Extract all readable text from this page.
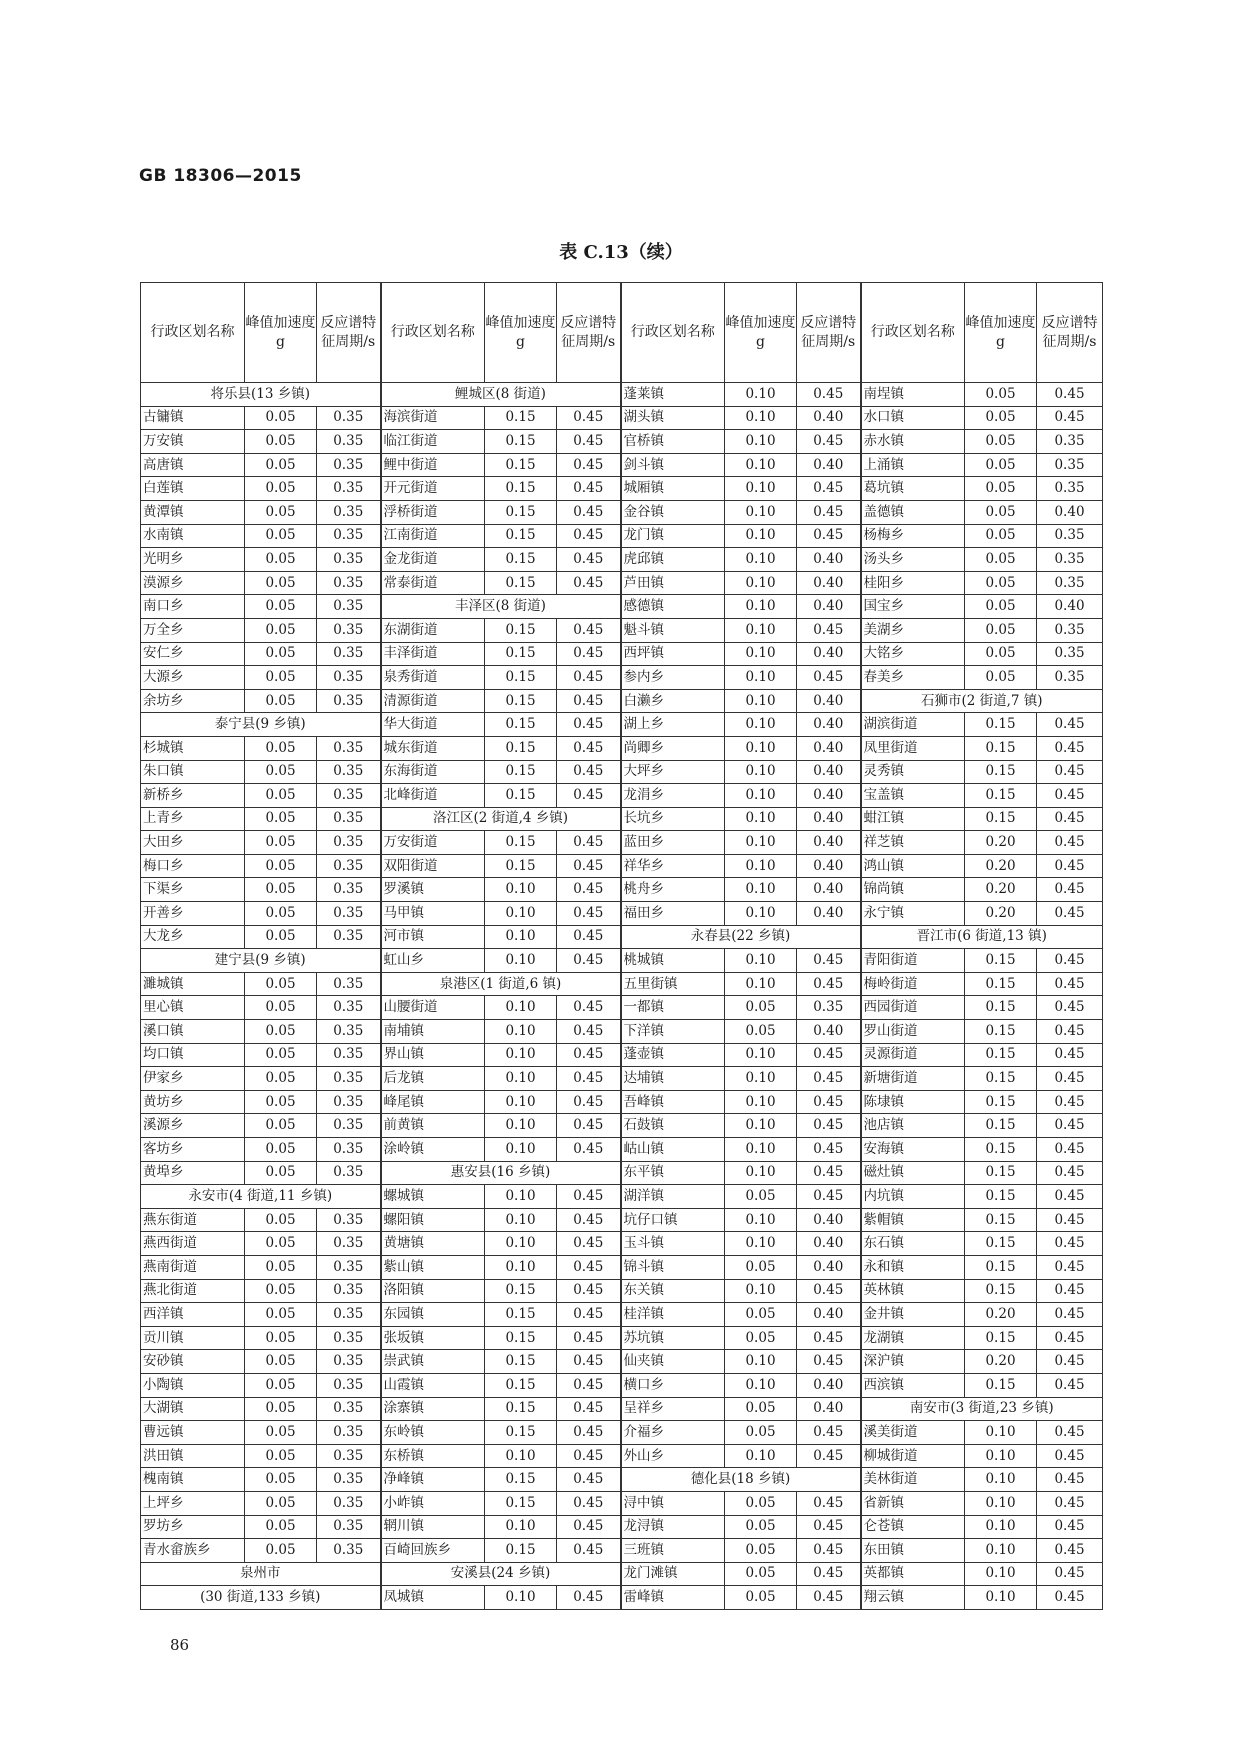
GB 18306—2015
表 C.13（续）
行政区划名称	峰值加速度g	反应谱特征周期/s	行政区划名称	峰值加速度g	反应谱特征周期/s	行政区划名称	峰值加速度g	反应谱特征周期/s	行政区划名称	峰值加速度g	反应谱特征周期/s
将乐县(13 乡镇)			鲤城区(8 街道)			蓬莱镇	0.10	0.45	南埕镇	0.05	0.45
古镛镇	0.05	0.35	海滨街道	0.15	0.45	湖头镇	0.10	0.40	水口镇	0.05	0.45
万安镇	0.05	0.35	临江街道	0.15	0.45	官桥镇	0.10	0.45	赤水镇	0.05	0.35
高唐镇	0.05	0.35	鲤中街道	0.15	0.45	剑斗镇	0.10	0.40	上涌镇	0.05	0.35
白莲镇	0.05	0.35	开元街道	0.15	0.45	城厢镇	0.10	0.45	葛坑镇	0.05	0.35
黄潭镇	0.05	0.35	浮桥街道	0.15	0.45	金谷镇	0.10	0.45	盖德镇	0.05	0.40
水南镇	0.05	0.35	江南街道	0.15	0.45	龙门镇	0.10	0.45	杨梅乡	0.05	0.35
光明乡	0.05	0.35	金龙街道	0.15	0.45	虎邱镇	0.10	0.40	汤头乡	0.05	0.35
漠源乡	0.05	0.35	常泰街道	0.15	0.45	芦田镇	0.10	0.40	桂阳乡	0.05	0.35
南口乡	0.05	0.35	丰泽区(8 街道)			感德镇	0.10	0.40	国宝乡	0.05	0.40
万全乡	0.05	0.35	东湖街道	0.15	0.45	魁斗镇	0.10	0.45	美湖乡	0.05	0.35
安仁乡	0.05	0.35	丰泽街道	0.15	0.45	西坪镇	0.10	0.40	大铭乡	0.05	0.35
大源乡	0.05	0.35	泉秀街道	0.15	0.45	参内乡	0.10	0.45	春美乡	0.05	0.35
余坊乡	0.05	0.35	清源街道	0.15	0.45	白濑乡	0.10	0.40	石狮市(2 街道,7 镇)		
泰宁县(9 乡镇)			华大街道	0.15	0.45	湖上乡	0.10	0.40	湖滨街道	0.15	0.45
杉城镇	0.05	0.35	城东街道	0.15	0.45	尚卿乡	0.10	0.40	凤里街道	0.15	0.45
朱口镇	0.05	0.35	东海街道	0.15	0.45	大坪乡	0.10	0.40	灵秀镇	0.15	0.45
新桥乡	0.05	0.35	北峰街道	0.15	0.45	龙涓乡	0.10	0.40	宝盖镇	0.15	0.45
上青乡	0.05	0.35	洛江区(2 街道,4 乡镇)			长坑乡	0.10	0.40	蚶江镇	0.15	0.45
大田乡	0.05	0.35	万安街道	0.15	0.45	蓝田乡	0.10	0.40	祥芝镇	0.20	0.45
梅口乡	0.05	0.35	双阳街道	0.15	0.45	祥华乡	0.10	0.40	鸿山镇	0.20	0.45
下渠乡	0.05	0.35	罗溪镇	0.10	0.45	桃舟乡	0.10	0.40	锦尚镇	0.20	0.45
开善乡	0.05	0.35	马甲镇	0.10	0.45	福田乡	0.10	0.40	永宁镇	0.20	0.45
大龙乡	0.05	0.35	河市镇	0.10	0.45	永春县(22 乡镇)			晋江市(6 街道,13 镇)		
建宁县(9 乡镇)			虹山乡	0.10	0.45	桃城镇	0.10	0.45	青阳街道	0.15	0.45
濉城镇	0.05	0.35	泉港区(1 街道,6 镇)			五里街镇	0.10	0.45	梅岭街道	0.15	0.45
里心镇	0.05	0.35	山腰街道	0.10	0.45	一都镇	0.05	0.35	西园街道	0.15	0.45
溪口镇	0.05	0.35	南埔镇	0.10	0.45	下洋镇	0.05	0.40	罗山街道	0.15	0.45
均口镇	0.05	0.35	界山镇	0.10	0.45	蓬壶镇	0.10	0.45	灵源街道	0.15	0.45
伊家乡	0.05	0.35	后龙镇	0.10	0.45	达埔镇	0.10	0.45	新塘街道	0.15	0.45
黄坊乡	0.05	0.35	峰尾镇	0.10	0.45	吾峰镇	0.10	0.45	陈埭镇	0.15	0.45
溪源乡	0.05	0.35	前黄镇	0.10	0.45	石鼓镇	0.10	0.45	池店镇	0.15	0.45
客坊乡	0.05	0.35	涂岭镇	0.10	0.45	岵山镇	0.10	0.45	安海镇	0.15	0.45
黄埠乡	0.05	0.35	惠安县(16 乡镇)			东平镇	0.10	0.45	磁灶镇	0.15	0.45
永安市(4 街道,11 乡镇)			螺城镇	0.10	0.45	湖洋镇	0.05	0.45	内坑镇	0.15	0.45
燕东街道	0.05	0.35	螺阳镇	0.10	0.45	坑仔口镇	0.10	0.40	紫帽镇	0.15	0.45
燕西街道	0.05	0.35	黄塘镇	0.10	0.45	玉斗镇	0.10	0.40	东石镇	0.15	0.45
燕南街道	0.05	0.35	紫山镇	0.10	0.45	锦斗镇	0.05	0.40	永和镇	0.15	0.45
燕北街道	0.05	0.35	洛阳镇	0.15	0.45	东关镇	0.10	0.45	英林镇	0.15	0.45
西洋镇	0.05	0.35	东园镇	0.15	0.45	桂洋镇	0.05	0.40	金井镇	0.20	0.45
贡川镇	0.05	0.35	张坂镇	0.15	0.45	苏坑镇	0.05	0.45	龙湖镇	0.15	0.45
安砂镇	0.05	0.35	崇武镇	0.15	0.45	仙夹镇	0.10	0.45	深沪镇	0.20	0.45
小陶镇	0.05	0.35	山霞镇	0.15	0.45	横口乡	0.10	0.40	西滨镇	0.15	0.45
大湖镇	0.05	0.35	涂寨镇	0.15	0.45	呈祥乡	0.05	0.40	南安市(3 街道,23 乡镇)		
曹远镇	0.05	0.35	东岭镇	0.15	0.45	介福乡	0.05	0.45	溪美街道	0.10	0.45
洪田镇	0.05	0.35	东桥镇	0.10	0.45	外山乡	0.10	0.45	柳城街道	0.10	0.45
槐南镇	0.05	0.35	净峰镇	0.15	0.45	德化县(18 乡镇)			美林街道	0.10	0.45
上坪乡	0.05	0.35	小岞镇	0.15	0.45	浔中镇	0.05	0.45	省新镇	0.10	0.45
罗坊乡	0.05	0.35	辋川镇	0.10	0.45	龙浔镇	0.05	0.45	仑苍镇	0.10	0.45
青水畲族乡	0.05	0.35	百崎回族乡	0.15	0.45	三班镇	0.05	0.45	东田镇	0.10	0.45
泉州市			安溪县(24 乡镇)			龙门滩镇	0.05	0.45	英都镇	0.10	0.45
(30 街道,133 乡镇)			凤城镇	0.10	0.45	雷峰镇	0.05	0.45	翔云镇	0.10	0.45
86
